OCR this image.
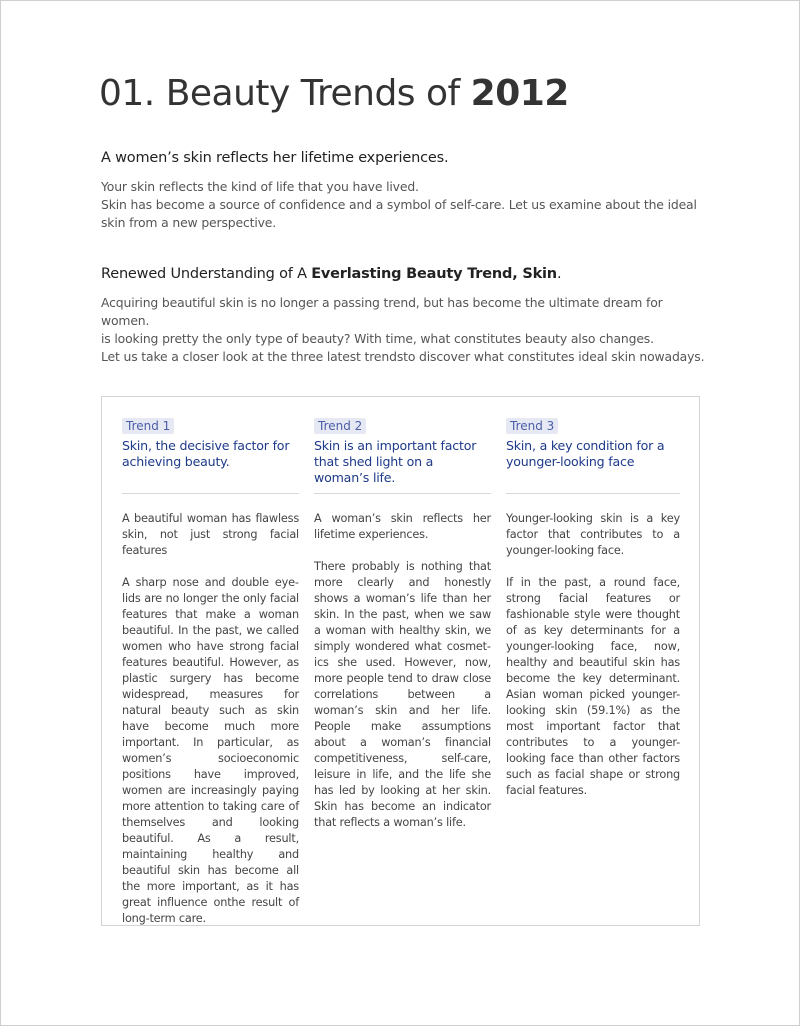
01. Beauty Trends of 2012
A women’s skin reflects her lifetime experiences.

Your skin reflects the kind of life that you have lived.
Skin has become a source of confidence and a symbol of self-care. Let us examine about the ideal skin from a new perspective.

Renewed Understanding of A Everlasting Beauty Trend, Skin.

Acquiring beautiful skin is no longer a passing trend, but has become the ultimate dream for women.
is looking pretty the only type of beauty? With time, what constitutes beauty also changes.
Let us take a closer look at the three latest trendsto discover what constitutes ideal skin nowadays.

Trend 1
Skin, the decisive factor for achieving beauty.

A beautiful woman has flawless skin, not just strong facial features

A sharp nose and double eyelids are no longer the only facial features that make a woman beautiful. In the past, we called women who have strong facial features beautiful. However, as plastic surgery has become widespread, measures for natural beauty such as skin have become much more important. In particular, as women’s socioeconomic positions have improved, women are increasingly paying more attention to taking care of themselves and looking beautiful. As a result, maintaining healthy and beautiful skin has become all the more important, as it has great influence onthe result of long-term care.

Trend 2
Skin is an important factor that shed light on a woman’s life.

A woman’s skin reflects her lifetime experiences.

There probably is nothing that more clearly and honestly shows a woman’s life than her skin. In the past, when we saw a woman with healthy skin, we simply wondered what cosmetics she used. However, now, more people tend to draw close correlations between a woman’s skin and her life. People make assumptions about a woman’s financial competitiveness, self-care, leisure in life, and the life she has led by looking at her skin. Skin has become an indicator that reflects a woman’s life.

Trend 3
Skin, a key condition for a younger-looking face

Younger-looking skin is a key factor that contributes to a younger-looking face.

If in the past, a round face, strong facial features or fashionable style were thought of as key determinants for a younger-looking face, now, healthy and beautiful skin has become the key determinant. Asian woman picked younger-looking skin (59.1%) as the most important factor that contributes to a younger-looking face than other factors such as facial shape or strong facial features.
